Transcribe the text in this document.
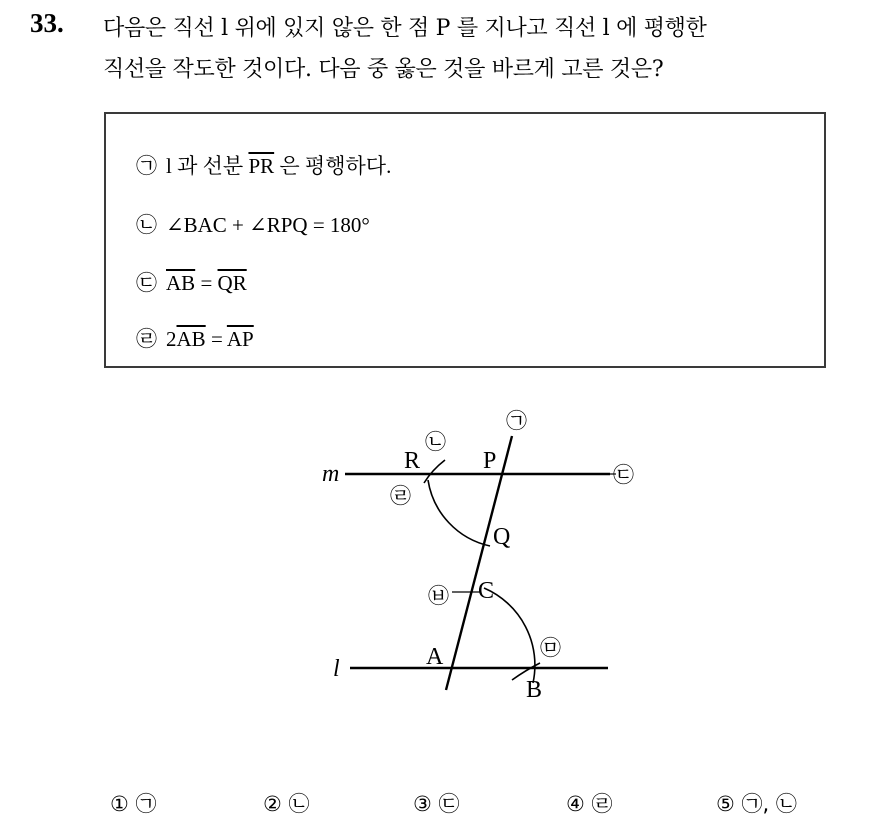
33. 다음은 직선 l 위에 있지 않은 한 점 P 를 지나고 직선 l 에 평행한
직선을 작도한 것이다. 다음 중 옳은 것을 바르게 고른 것은?
㉠ l 과 선분 $\overline{PR}$ 은 평행하다.
㉡ ∠BAC + ∠RPQ = 180°
㉢ $\overline{AB} = \overline{QR}$
㉣ $2\overline{AB} = \overline{AP}$
R	P
Q
C
A
B
m
l
㉠
㉡
㉢
㉣
㉤
㉥
① ㉠	② ㉡	③ ㉢	④ ㉣	⑤ ㉠, ㉡
